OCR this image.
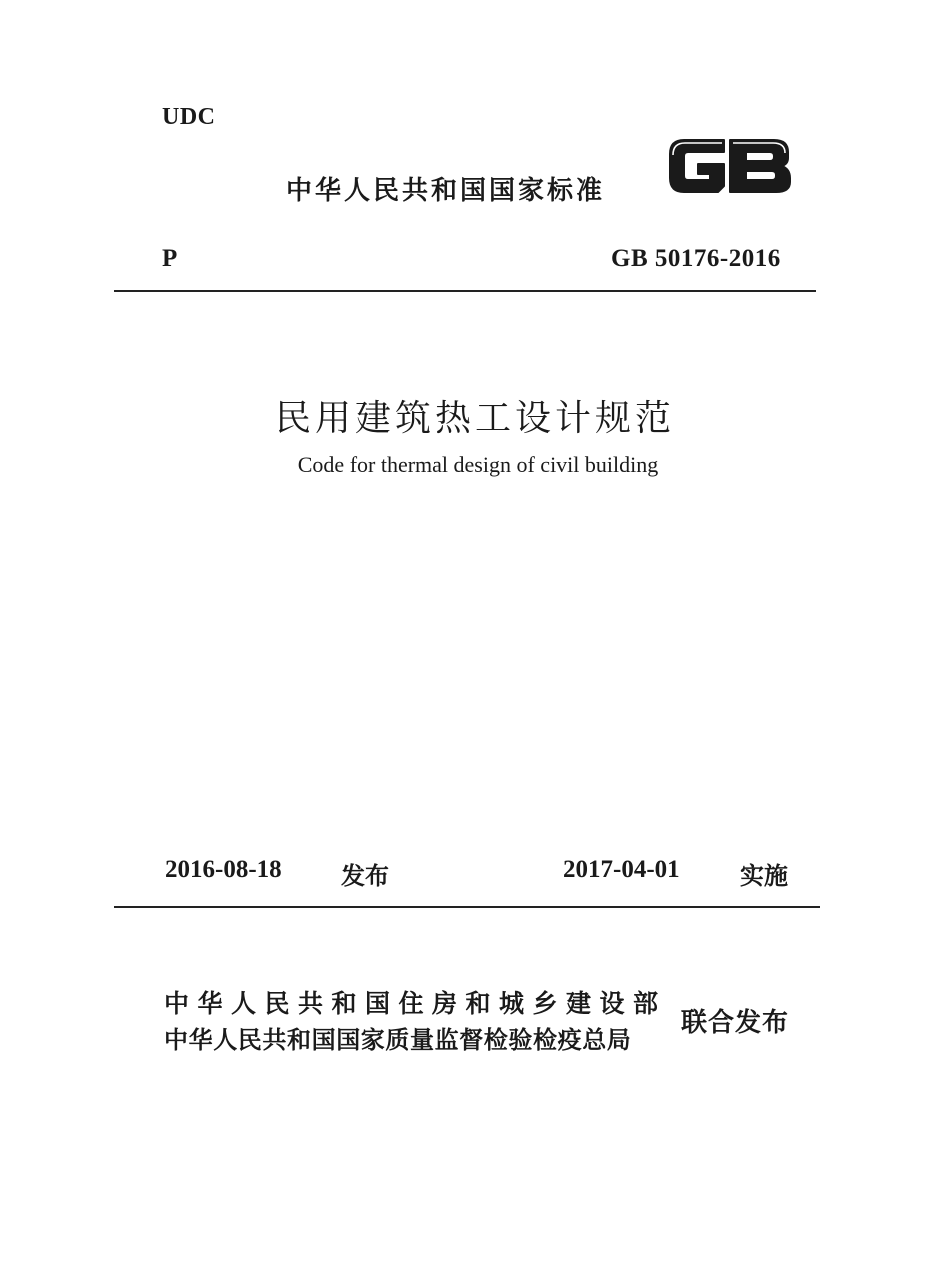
UDC
中华人民共和国国家标准
P	GB 50176-2016
民用建筑热工设计规范
Code for thermal design of civil building
2016-08-18 发布	2017-04-01	实施
中华人民共和国住房和城乡建设部
中华人民共和国国家质量监督检验检疫总局
联合发布
